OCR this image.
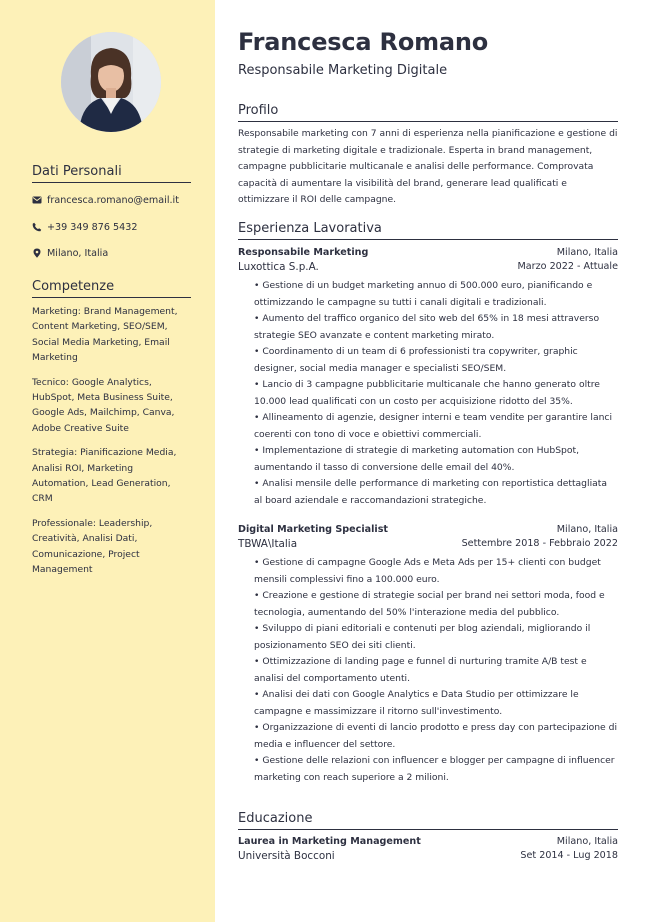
Dati Personali
francesca.romano@email.it
+39 349 876 5432
Milano, Italia
Competenze
Marketing: Brand Management, Content Marketing, SEO/SEM, Social Media Marketing, Email Marketing
Tecnico: Google Analytics, HubSpot, Meta Business Suite, Google Ads, Mailchimp, Canva, Adobe Creative Suite
Strategia: Pianificazione Media, Analisi ROI, Marketing Automation, Lead Generation, CRM
Professionale: Leadership, Creatività, Analisi Dati, Comunicazione, Project Management
Francesca Romano
Responsabile Marketing Digitale
Profilo
Responsabile marketing con 7 anni di esperienza nella pianificazione e gestione di strategie di marketing digitale e tradizionale. Esperta in brand management, campagne pubblicitarie multicanale e analisi delle performance. Comprovata capacità di aumentare la visibilità del brand, generare lead qualificati e ottimizzare il ROI delle campagne.
Esperienza Lavorativa
Responsabile Marketing	Milano, Italia
Luxottica S.p.A.	Marzo 2022 - Attuale
• Gestione di un budget marketing annuo di 500.000 euro, pianificando e ottimizzando le campagne su tutti i canali digitali e tradizionali.
• Aumento del traffico organico del sito web del 65% in 18 mesi attraverso strategie SEO avanzate e content marketing mirato.
• Coordinamento di un team di 6 professionisti tra copywriter, graphic designer, social media manager e specialisti SEO/SEM.
• Lancio di 3 campagne pubblicitarie multicanale che hanno generato oltre 10.000 lead qualificati con un costo per acquisizione ridotto del 35%.
• Allineamento di agenzie, designer interni e team vendite per garantire lanci coerenti con tono di voce e obiettivi commerciali.
• Implementazione di strategie di marketing automation con HubSpot, aumentando il tasso di conversione delle email del 40%.
• Analisi mensile delle performance di marketing con reportistica dettagliata al board aziendale e raccomandazioni strategiche.
Digital Marketing Specialist	Milano, Italia
TBWA\Italia	Settembre 2018 - Febbraio 2022
• Gestione di campagne Google Ads e Meta Ads per 15+ clienti con budget mensili complessivi fino a 100.000 euro.
• Creazione e gestione di strategie social per brand nei settori moda, food e tecnologia, aumentando del 50% l'interazione media del pubblico.
• Sviluppo di piani editoriali e contenuti per blog aziendali, migliorando il posizionamento SEO dei siti clienti.
• Ottimizzazione di landing page e funnel di nurturing tramite A/B test e analisi del comportamento utenti.
• Analisi dei dati con Google Analytics e Data Studio per ottimizzare le campagne e massimizzare il ritorno sull'investimento.
• Organizzazione di eventi di lancio prodotto e press day con partecipazione di media e influencer del settore.
• Gestione delle relazioni con influencer e blogger per campagne di influencer marketing con reach superiore a 2 milioni.
Educazione
Laurea in Marketing Management	Milano, Italia
Università Bocconi	Set 2014 - Lug 2018
